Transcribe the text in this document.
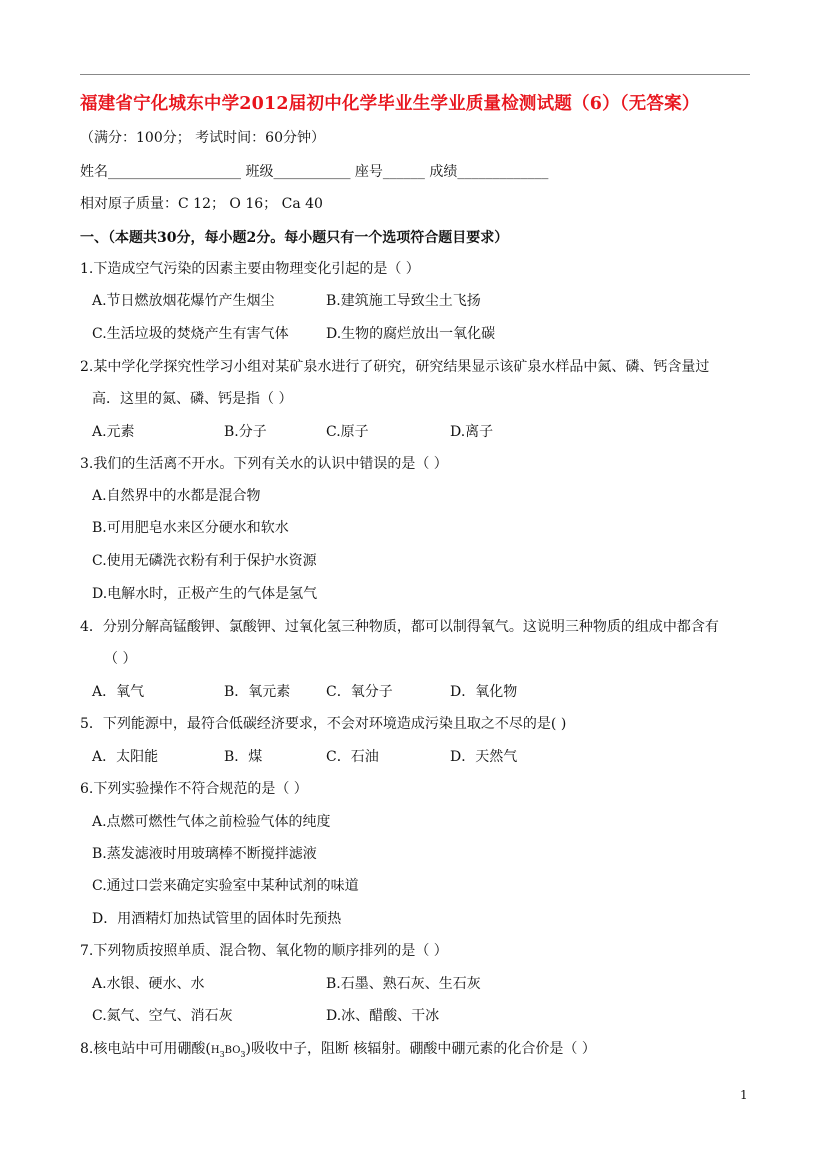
福建省宁化城东中学2012届初中化学毕业生学业质量检测试题（6）（无答案）
（满分：100分； 考试时间：60分钟）
姓名___________________ 班级___________ 座号______ 成绩_____________
相对原子质量：C 12； O 16； Ca 40
一、（本题共30分，每小题2分。每小题只有一个选项符合题目要求）
1.下造成空气污染的因素主要由物理变化引起的是（ ）
A.节日燃放烟花爆竹产生烟尘	B.建筑施工导致尘土飞扬
C.生活垃圾的焚烧产生有害气体	D.生物的腐烂放出一氧化碳
2.某中学化学探究性学习小组对某矿泉水进行了研究，研究结果显示该矿泉水样品中氮、磷、钙含量过
高．这里的氮、磷、钙是指（ ）
A.元素	B.分子	C.原子	D.离子
3.我们的生活离不开水。下列有关水的认识中错误的是（ ）
A.自然界中的水都是混合物
B.可用肥皂水来区分硬水和软水
C.使用无磷洗衣粉有利于保护水资源
D.电解水时，正极产生的气体是氢气
4．分别分解高锰酸钾、氯酸钾、过氧化氢三种物质，都可以制得氧气。这说明三种物质的组成中都含有
（ ）
A．氧气	B．氧元素	C．氧分子	D．氧化物
5．下列能源中，最符合低碳经济要求，不会对环境造成污染且取之不尽的是( )
A．太阳能	B．煤	C．石油	D．天然气
6.下列实验操作不符合规范的是（ ）
A.点燃可燃性气体之前检验气体的纯度
B.蒸发滤液时用玻璃棒不断搅拌滤液
C.通过口尝来确定实验室中某种试剂的味道
D．用酒精灯加热试管里的固体时先预热
7.下列物质按照单质、混合物、氧化物的顺序排列的是（ ）
A.水银、硬水、水	B.石墨、熟石灰、生石灰
C.氮气、空气、消石灰	D.冰、醋酸、干冰
8.核电站中可用硼酸$(H_3BO_3)$吸收中子，阻断 核辐射。硼酸中硼元素的化合价是（ ）
1
